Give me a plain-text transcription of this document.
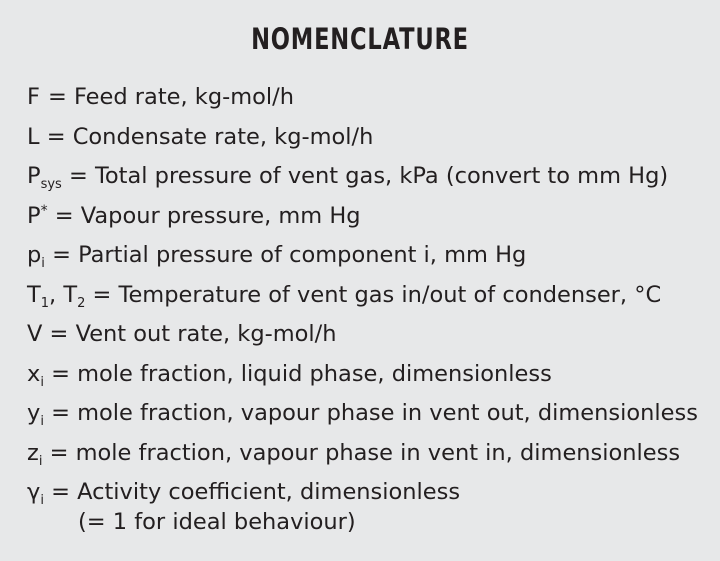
NOMENCLATURE
F = Feed rate, kg-mol/h
L = Condensate rate, kg-mol/h
$P_{sys}$ = Total pressure of vent gas, kPa (convert to mm Hg)
P* = Vapour pressure, mm Hg
$p_i$ = Partial pressure of component i, mm Hg
$T_1$, $T_2$ = Temperature of vent gas in/out of condenser, °C
V = Vent out rate, kg-mol/h
$x_i$ = mole fraction, liquid phase, dimensionless
$y_i$ = mole fraction, vapour phase in vent out, dimensionless
$z_i$ = mole fraction, vapour phase in vent in, dimensionless
$\gamma_i$ = Activity coefficient, dimensionless
(= 1 for ideal behaviour)
